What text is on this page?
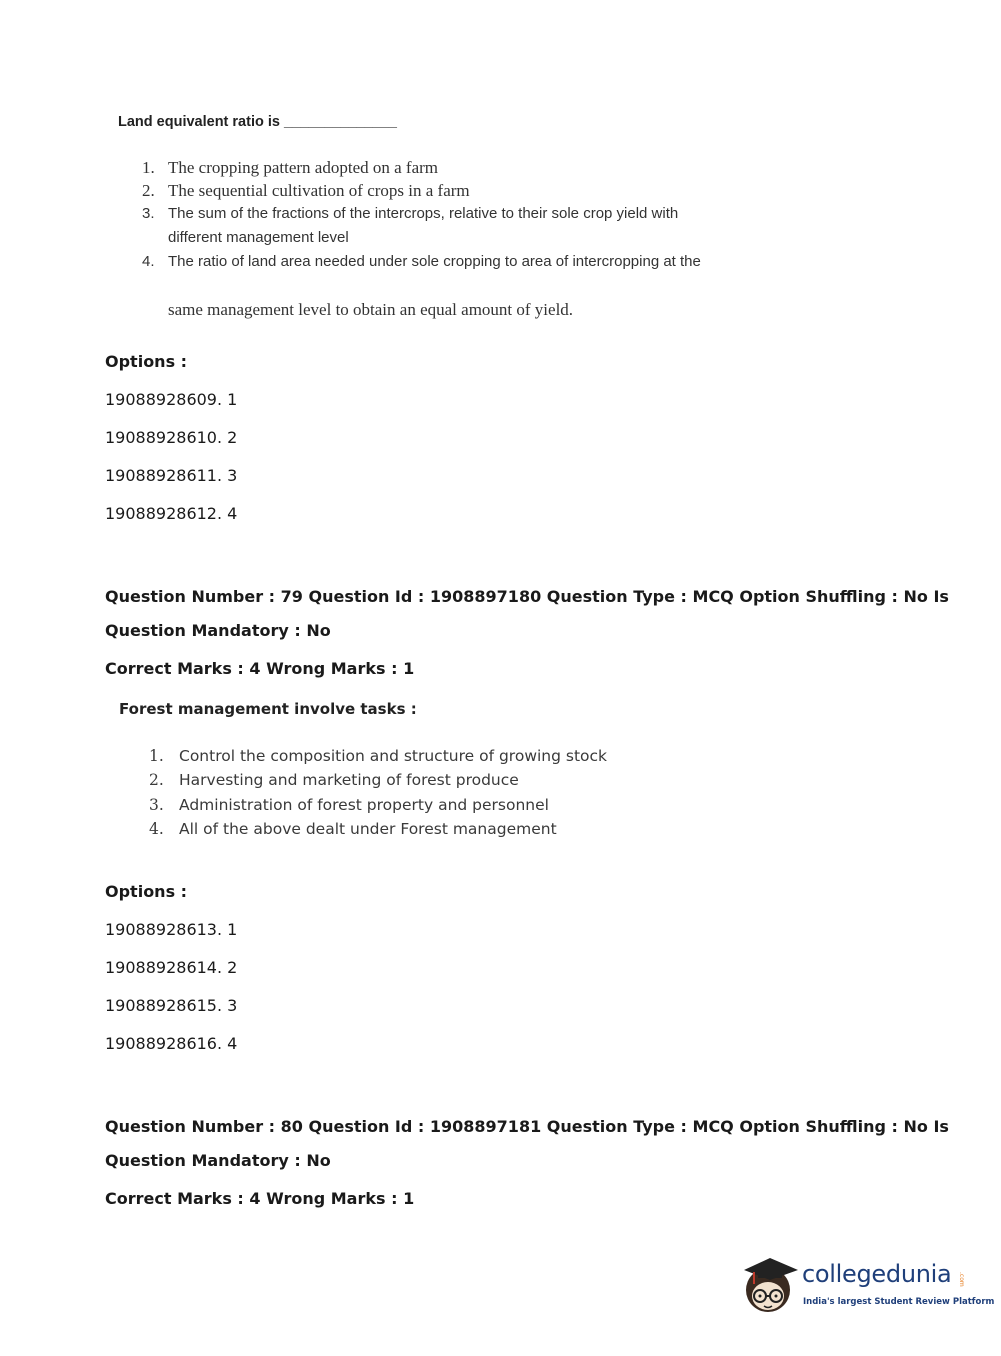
Land equivalent ratio is ______________
1. The cropping pattern adopted on a farm
2. The sequential cultivation of crops in a farm
3. The sum of the fractions of the intercrops, relative to their sole crop yield with
different management level
4. The ratio of land area needed under sole cropping to area of intercropping at the
same management level to obtain an equal amount of yield.
Options :
19088928609. 1
19088928610. 2
19088928611. 3
19088928612. 4
Question Number : 79 Question Id : 1908897180 Question Type : MCQ Option Shuffling : No Is
Question Mandatory : No
Correct Marks : 4 Wrong Marks : 1
Forest management involve tasks :
1. Control the composition and structure of growing stock
2. Harvesting and marketing of forest produce
3. Administration of forest property and personnel
4. All of the above dealt under Forest management
Options :
19088928613. 1
19088928614. 2
19088928615. 3
19088928616. 4
Question Number : 80 Question Id : 1908897181 Question Type : MCQ Option Shuffling : No Is
Question Mandatory : No
Correct Marks : 4 Wrong Marks : 1
collegedunia .com
India's largest Student Review Platform
